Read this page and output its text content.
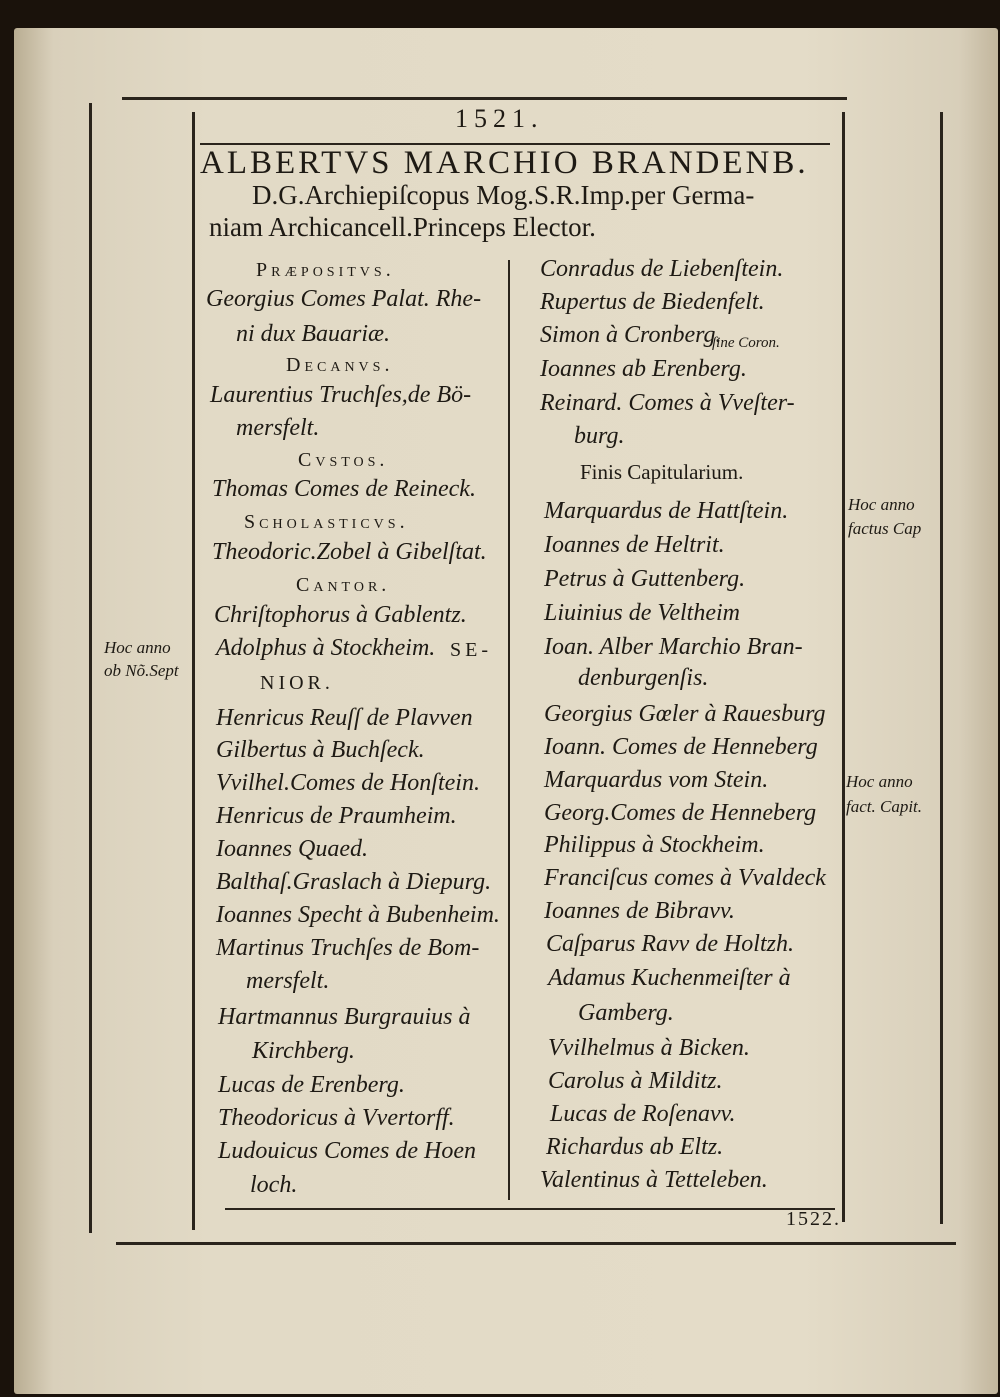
1521.
1522.
ALBERTVS MARCHIO BRANDENB.
D.G.Archiepiſcopus Mog.S.R.Imp.per Germa-
niam Archicancell.Princeps Elector.
Præpositvs.
Georgius Comes Palat. Rhe-
ni dux Bauariæ.
Decanvs.
Laurentius Truchſes,de Bö-
mersfelt.
Cvstos.
Thomas Comes de Reineck.
Scholasticvs.
Theodoric.Zobel à Gibelſtat.
Cantor.
Chriſtophorus à Gablentz.
Adolphus à Stockheim. SE-
NIOR.
Henricus Reuſſ de Plavven
Gilbertus à Buchſeck.
Vvilhel.Comes de Honſtein.
Henricus de Praumheim.
Ioannes Quaed.
Balthaſ.Graslach à Diepurg.
Ioannes Specht à Bubenheim.
Martinus Truchſes de Bom-
mersfelt.
Hartmannus Burgrauius à
Kirchberg.
Lucas de Erenberg.
Theodoricus à Vvertorff.
Ludouicus Comes de Hoen
loch.
Conradus de Liebenſtein.
Rupertus de Biedenfelt.
Simon à Cronberg.
ſine Coron.
Ioannes ab Erenberg.
Reinard. Comes à Vveſter-
burg.
Finis Capitularium.
Marquardus de Hattſtein.
Ioannes de Heltrit.
Petrus à Guttenberg.
Liuinius de Veltheim
Ioan. Alber Marchio Bran-
denburgenſis.
Georgius Gœler à Rauesburg
Ioann. Comes de Henneberg
Marquardus vom Stein.
Georg.Comes de Henneberg
Philippus à Stockheim.
Franciſcus comes à Vvaldeck
Ioannes de Bibravv.
Caſparus Ravv de Holtzh.
Adamus Kuchenmeiſter à
Gamberg.
Vvilhelmus à Bicken.
Carolus à Milditz.
Lucas de Roſenavv.
Richardus ab Eltz.
Valentinus à Tetteleben.
Hoc anno
ob Nõ.Sept
Hoc anno
factus Cap
Hoc anno
fact. Capit.
